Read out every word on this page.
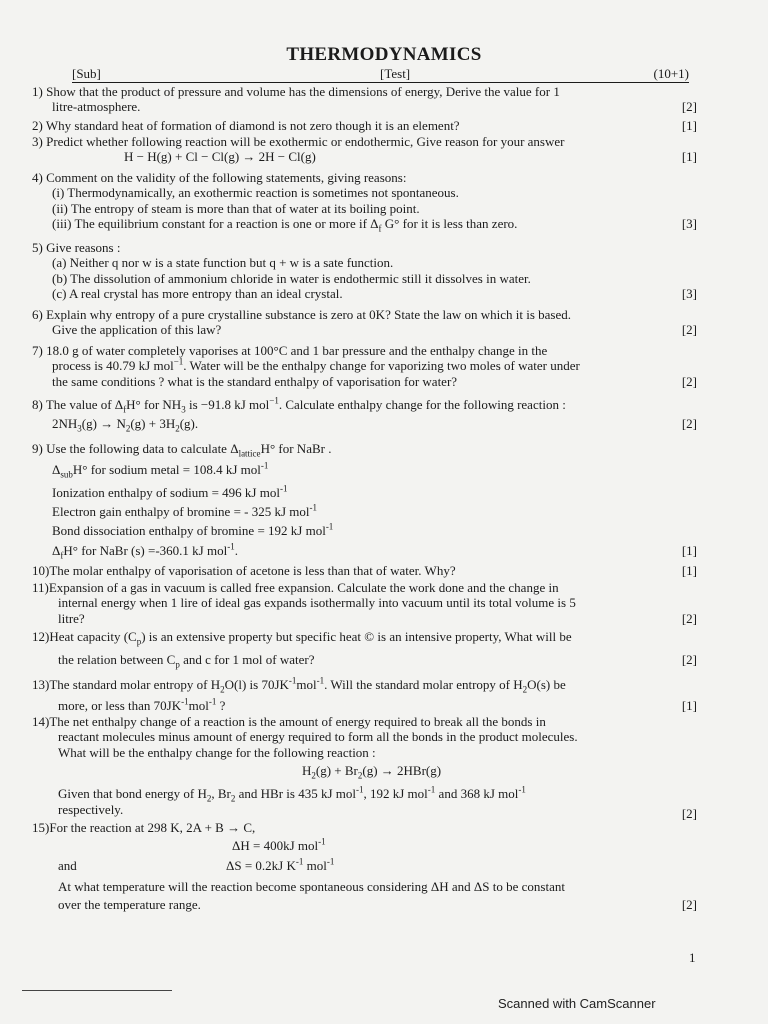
THERMODYNAMICS
[Sub]	[Test]	(10+1)
1) Show that the product of pressure and volume has the dimensions of energy, Derive the value for 1
litre-atmosphere.	[2]
2) Why standard heat of formation of diamond is not zero though it is an element?	[1]
3) Predict whether following reaction will be exothermic or endothermic, Give reason for your answer
H − H(g) + Cl − Cl(g) → 2H − Cl(g)	[1]
4) Comment on the validity of the following statements, giving reasons:
(i) Thermodynamically, an exothermic reaction is sometimes not spontaneous.
(ii) The entropy of steam is more than that of water at its boiling point.
(iii) The equilibrium constant for a reaction is one or more if $\Delta_f$ G° for it is less than zero.	[3]
5) Give reasons :
(a) Neither q nor w is a state function but q + w is a sate function.
(b) The dissolution of ammonium chloride in water is endothermic still it dissolves in water.
(c) A real crystal has more entropy than an ideal crystal.	[3]
6) Explain why entropy of a pure crystalline substance is zero at 0K? State the law on which it is based.
Give the application of this law?	[2]
7) 18.0 g of water completely vaporises at 100°C and 1 bar pressure and the enthalpy change in the
process is 40.79 kJ mol$^{-1}$. Water will be the enthalpy change for vaporizing two moles of water under
the same conditions ? what is the standard enthalpy of vaporisation for water?	[2]
8) The value of $\Delta_fH^\circ$ for $NH_3$ is −91.8 kJ mol$^{-1}$. Calculate enthalpy change for the following reaction :
$2NH_3(g) \to N_2(g) + 3H_2(g)$.	[2]
9) Use the following data to calculate $\Delta_{lattice}H^\circ$ for NaBr .
$\Delta_{sub}H^\circ$ for sodium metal = 108.4 kJ mol$^{-1}$
Ionization enthalpy of sodium = 496 kJ mol$^{-1}$
Electron gain enthalpy of bromine = - 325 kJ mol$^{-1}$
Bond dissociation enthalpy of bromine = 192 kJ mol$^{-1}$
$\Delta_fH^\circ$ for NaBr (s) =-360.1 kJ mol$^{-1}$.	[1]
10)The molar enthalpy of vaporisation of acetone is less than that of water. Why?	[1]
11)Expansion of a gas in vacuum is called free expansion. Calculate the work done and the change in
internal energy when 1 lire of ideal gas expands isothermally into vacuum until its total volume is 5
litre?	[2]
12)Heat capacity $(C_p)$ is an extensive property but specific heat © is an intensive property, What will be
the relation between $C_p$ and c for 1 mol of water?	[2]
13)The standard molar entropy of $H_2O(l)$ is $70JK^{-1}mol^{-1}$. Will the standard molar entropy of $H_2O(s)$ be
more, or less than $70JK^{-1}mol^{-1}$ ?	[1]
14)The net enthalpy change of a reaction is the amount of energy required to break all the bonds in
reactant molecules minus amount of energy required to form all the bonds in the product molecules.
What will be the enthalpy change for the following reaction :
$H_2(g) + Br_2(g) \to 2HBr(g)$
Given that bond energy of $H_2$, $Br_2$ and HBr is 435 kJ mol$^{-1}$, 192 kJ mol$^{-1}$ and 368 kJ mol$^{-1}$
respectively.	[2]
15)For the reaction at 298 K, 2A + B → C,
ΔH = 400kJ mol$^{-1}$
and	ΔS = 0.2kJ $K^{-1}$ mol$^{-1}$
At what temperature will the reaction become spontaneous considering ΔH and ΔS to be constant
over the temperature range.	[2]
1
Scanned with CamScanner
